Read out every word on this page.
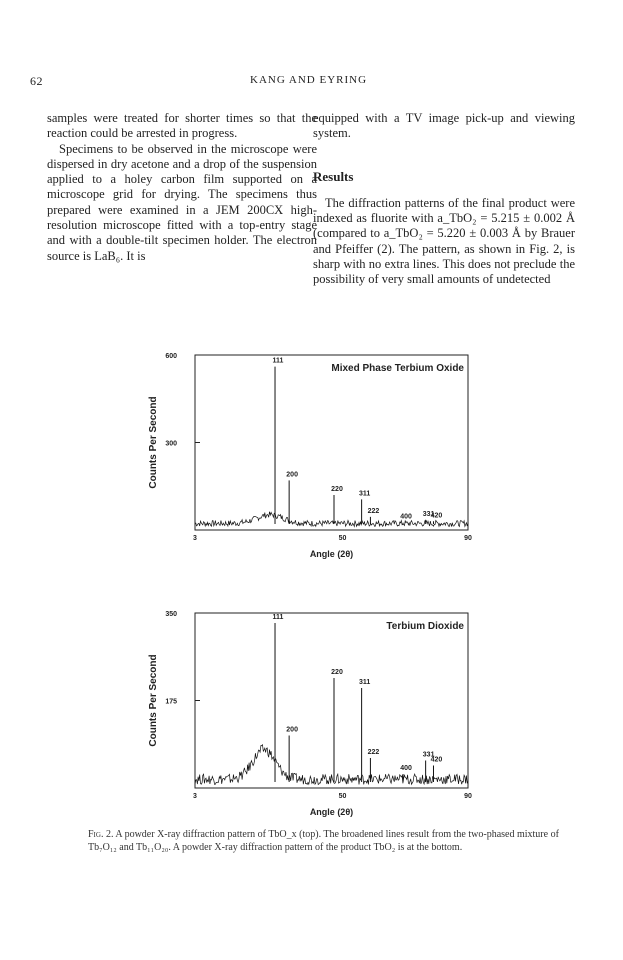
62	KANG AND EYRING

samples were treated for shorter times so that the reaction could be arrested in progress.

Specimens to be observed in the microscope were dispersed in dry acetone and a drop of the suspension applied to a holey carbon film supported on a microscope grid for drying. The specimens thus prepared were examined in a JEM 200CX high-resolution microscope fitted with a top-entry stage and with a double-tilt specimen holder. The electron source is LaB₆. It is

equipped with a TV image pick-up and viewing system.

Results

The diffraction patterns of the final product were indexed as fluorite with a_TbO₂ = 5.215 ± 0.002 Å (compared to a_TbO₂ = 5.220 ± 0.003 Å by Brauer and Pfeiffer (2). The pattern, as shown in Fig. 2, is sharp with no extra lines. This does not preclude the possibility of very small amounts of undetected

600
300
3	50	90
111
200
220
311
222
400 331
420
Mixed Phase Terbium Oxide
Angle (2θ)
Counts Per Second
350
175
3	50	90
111
200
220
311
222
400
331
420
Terbium Dioxide
Angle (2θ)
Counts Per Second
Fig. 2. A powder X-ray diffraction pattern of TbO_x (top). The broadened lines result from the two-phased mixture of Tb₇O₁₂ and Tb₁₁O₂₀. A powder X-ray diffraction pattern of the product TbO₂ is at the bottom.
